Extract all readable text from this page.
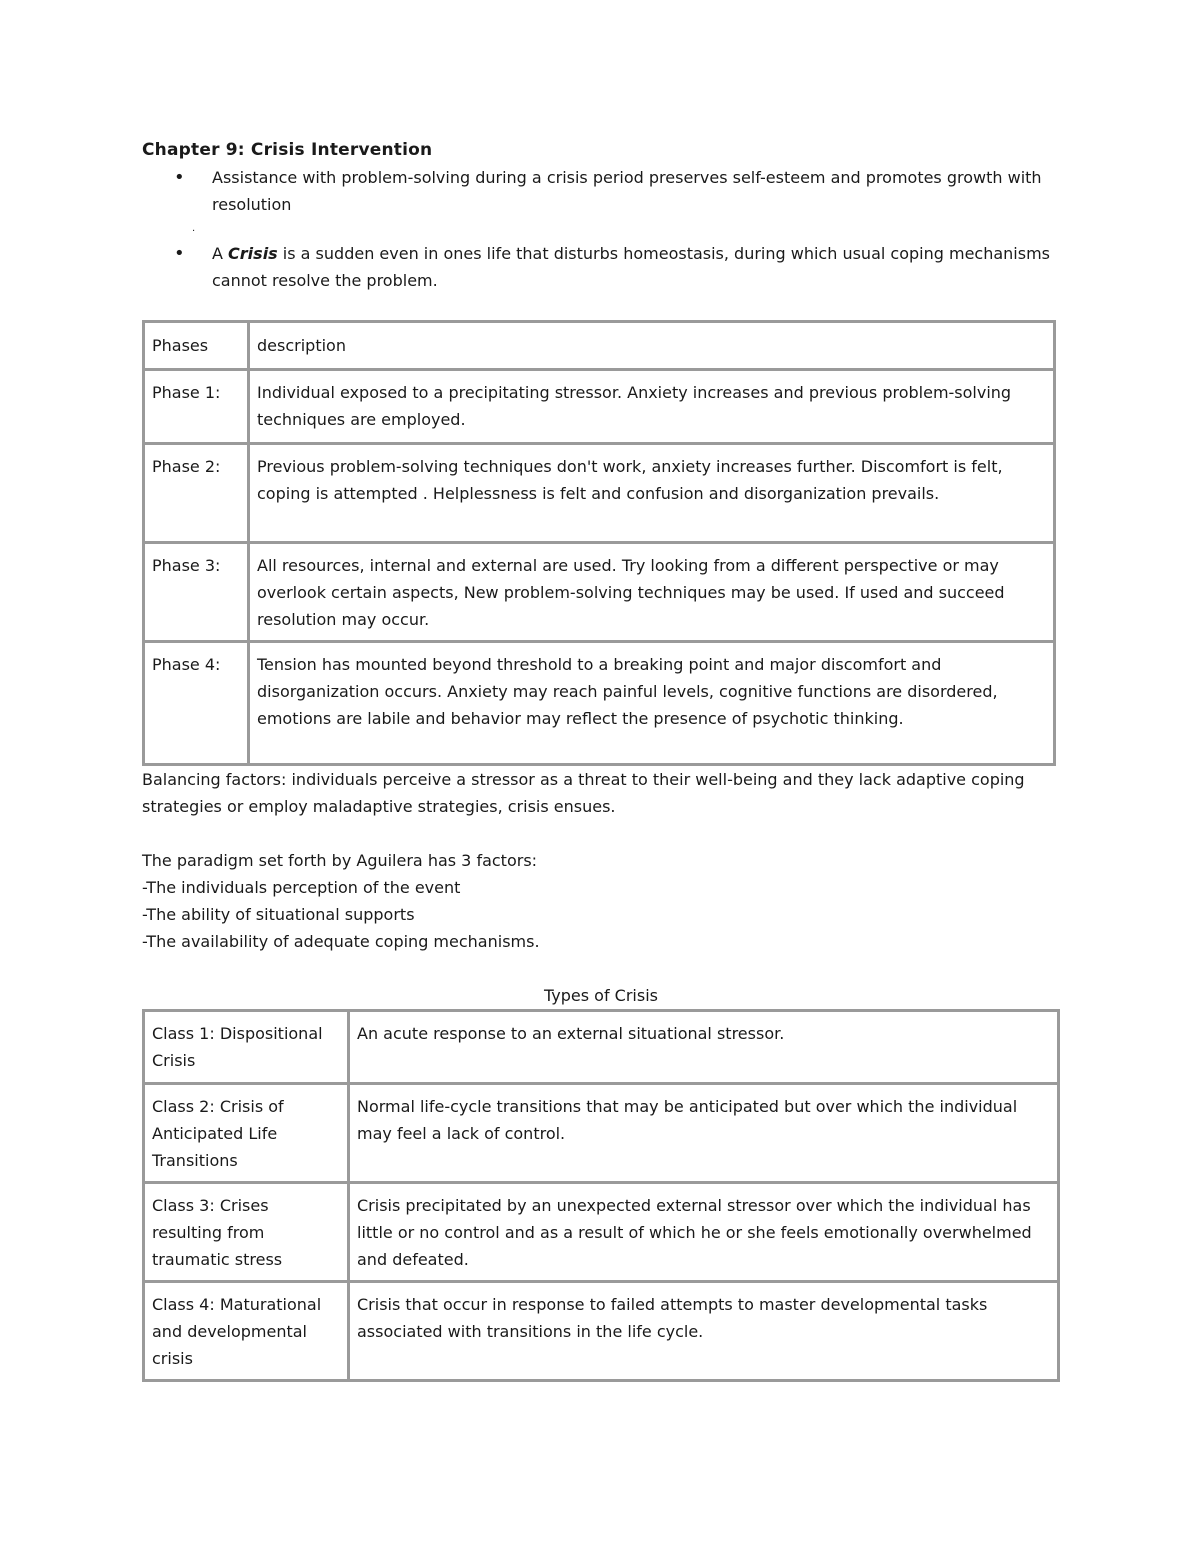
Chapter 9: Crisis Intervention
• Assistance with problem-solving during a crisis period preserves self-esteem and promotes growth with resolution
.
• A Crisis is a sudden even in ones life that disturbs homeostasis, during which usual coping mechanisms cannot resolve the problem.
Phases	description
Phase 1:	Individual exposed to a precipitating stressor. Anxiety increases and previous problem-solving techniques are employed.
Phase 2:	Previous problem-solving techniques don't work, anxiety increases further. Discomfort is felt, coping is attempted . Helplessness is felt and confusion and disorganization prevails.
Phase 3:	All resources, internal and external are used. Try looking from a different perspective or may overlook certain aspects, New problem-solving techniques may be used. If used and succeed resolution may occur.
Phase 4:	Tension has mounted beyond threshold to a breaking point and major discomfort and disorganization occurs. Anxiety may reach painful levels, cognitive functions are disordered, emotions are labile and behavior may reflect the presence of psychotic thinking.

Balancing factors: individuals perceive a stressor as a threat to their well-being and they lack adaptive coping strategies or employ maladaptive strategies, crisis ensues.

The paradigm set forth by Aguilera has 3 factors:

-The individuals perception of the event

-The ability of situational supports

-The availability of adequate coping mechanisms.

Types of Crisis
Class 1: Dispositional Crisis	An acute response to an external situational stressor.
Class 2: Crisis of Anticipated Life Transitions	Normal life-cycle transitions that may be anticipated but over which the individual may feel a lack of control.
Class 3: Crises resulting from traumatic stress	Crisis precipitated by an unexpected external stressor over which the individual has little or no control and as a result of which he or she feels emotionally overwhelmed and defeated.
Class 4: Maturational and developmental crisis	Crisis that occur in response to failed attempts to master developmental tasks associated with transitions in the life cycle.
